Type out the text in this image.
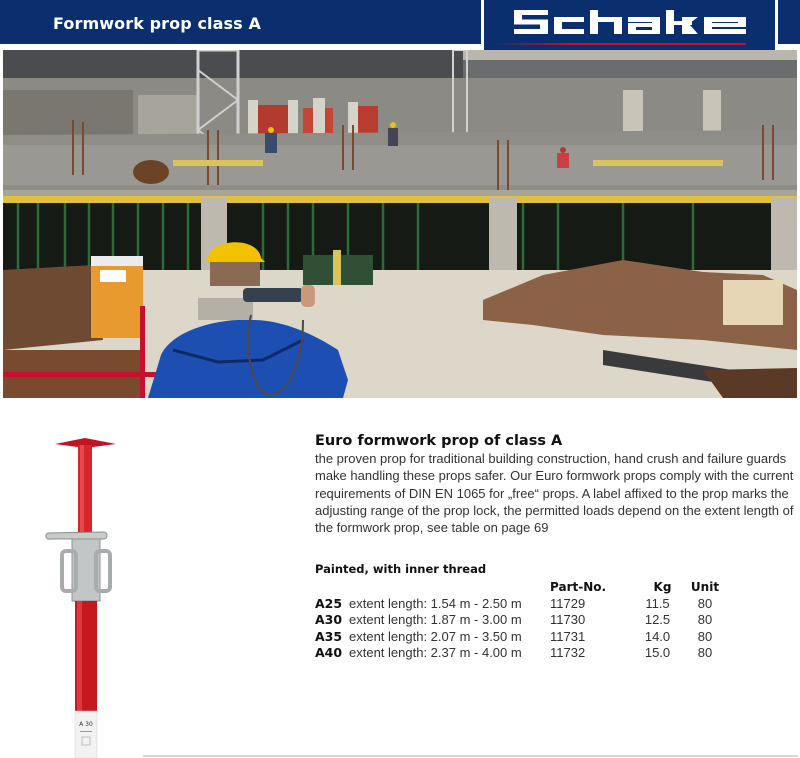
Formwork prop class A
A 30
Euro formwork prop of class A
the proven prop for traditional building construction, hand crush and failure guards make handling these props safer. Our Euro formwork props comply with the current requirements of DIN EN 1065 for „free“ props. A label affixed to the prop marks the adjusting range of the prop lock, the permitted loads depend on the extent length of the formwork prop, see table on page 69
Painted, with inner thread
		Part-No.	Kg	Unit
A25	extent length: 1.54 m - 2.50 m	11729	11.5	80
A30	extent length: 1.87 m - 3.00 m	11730	12.5	80
A35	extent length: 2.07 m - 3.50 m	11731	14.0	80
A40	extent length: 2.37 m - 4.00 m	11732	15.0	80
